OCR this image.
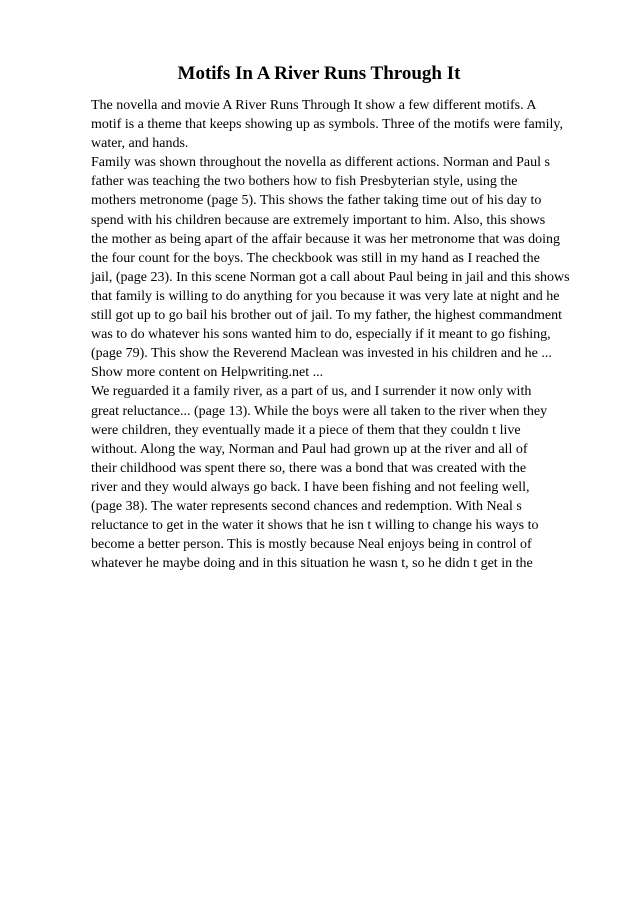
Motifs In A River Runs Through It

The novella and movie A River Runs Through It show a few different motifs. A
motif is a theme that keeps showing up as symbols. Three of the motifs were family,
water, and hands.

Family was shown throughout the novella as different actions. Norman and Paul s
father was teaching the two bothers how to fish Presbyterian style, using the
mothers metronome (page 5). This shows the father taking time out of his day to
spend with his children because are extremely important to him. Also, this shows
the mother as being apart of the affair because it was her metronome that was doing
the four count for the boys. The checkbook was still in my hand as I reached the
jail, (page 23). In this scene Norman got a call about Paul being in jail and this shows
that family is willing to do anything for you because it was very late at night and he
still got up to go bail his brother out of jail. To my father, the highest commandment
was to do whatever his sons wanted him to do, especially if it meant to go fishing,
(page 79). This show the Reverend Maclean was invested in his children and he ...

Show more content on Helpwriting.net ...

We reguarded it a family river, as a part of us, and I surrender it now only with
great reluctance... (page 13). While the boys were all taken to the river when they
were children, they eventually made it a piece of them that they couldn t live
without. Along the way, Norman and Paul had grown up at the river and all of
their childhood was spent there so, there was a bond that was created with the
river and they would always go back. I have been fishing and not feeling well,
(page 38). The water represents second chances and redemption. With Neal s
reluctance to get in the water it shows that he isn t willing to change his ways to
become a better person. This is mostly because Neal enjoys being in control of
whatever he maybe doing and in this situation he wasn t, so he didn t get in the
